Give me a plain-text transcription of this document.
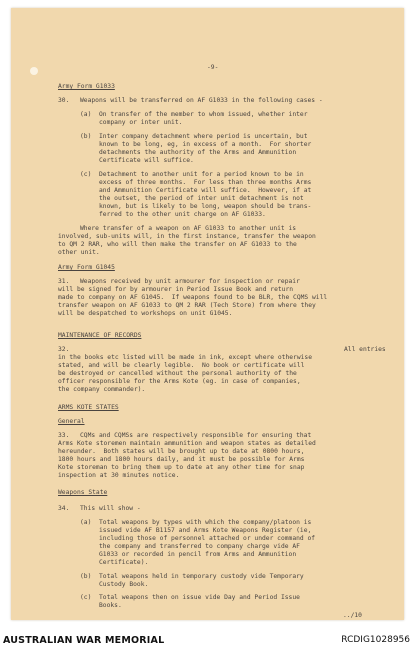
-9-
Army Form G1033
30. Weapons will be transferred on AF G1033 in the following cases -
(a) On transfer of the member to whom issued, whether inter
company or inter unit.
(b) Inter company detachment where period is uncertain, but
known to be long, eg, in excess of a month.  For shorter
detachments the authority of the Arms and Ammunition
Certificate will suffice.
(c) Detachment to another unit for a period known to be in
excess of three months.  For less than three months Arms
and Ammunition Certificate will suffice.  However, if at
the outset, the period of inter unit detachment is not
known, but is likely to be long, weapon should be trans-
ferred to the other unit charge on AF G1033.
Where transfer of a weapon on AF G1033 to another unit is
involved, sub-units will, in the first instance, transfer the weapon
to QM 2 RAR, who will then make the transfer on AF G1033 to the
other unit.
Army Form G1045
31. Weapons received by unit armourer for inspection or repair
will be signed for by armourer in Period Issue Book and return
made to company on AF G1045.  If weapons found to be BLR, the CQMS will
transfer weapon on AF G1033 to QM 2 RAR (Tech Store) from where they
will be despatched to workshops on unit G1045.
MAINTENANCE OF RECORDS
32.	All entries
in the books etc listed will be made in ink, except where otherwise
stated, and will be clearly legible.  No book or certificate will
be destroyed or cancelled without the personal authority of the
officer responsible for the Arms Kote (eg. in case of companies,
the company commander).
ARMS KOTE STATES
General
33. CQMs and CQMSs are respectively responsible for ensuring that
Arms Kote storemen maintain ammunition and weapon states as detailed
hereunder.  Both states will be brought up to date at 0800 hours,
1800 hours and 1800 hours daily, and it must be possible for Arms
Kote storeman to bring them up to date at any other time for snap
inspection at 30 minutes notice.
Weapons State
34. This will show -
(a) Total weapons by types with which the company/platoon is
issued vide AF B1157 and Arms Kote Weapons Register (ie,
including those of personnel attached or under command of
the company and transferred to company charge vide AF
G1033 or recorded in pencil from Arms and Ammunition
Certificate).
(b) Total weapons held in temporary custody vide Temporary
Custody Book.
(c) Total weapons then on issue vide Day and Period Issue
Books.
../10
AUSTRALIAN WAR MEMORIAL	RCDIG1028956
